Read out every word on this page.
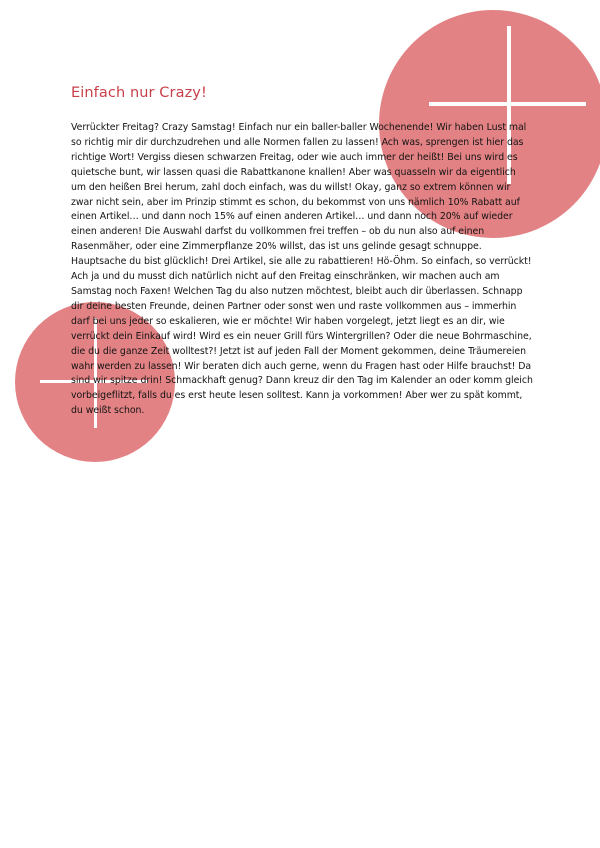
Einfach nur Crazy!

Verrückter Freitag? Crazy Samstag! Einfach nur ein baller-baller Wochenende! Wir haben Lust mal so richtig mir dir durchzudrehen und alle Normen fallen zu lassen! Ach was, sprengen ist hier das richtige Wort! Vergiss diesen schwarzen Freitag, oder wie auch immer der heißt! Bei uns wird es quietsche bunt, wir lassen quasi die Rabattkanone knallen! Aber was quasseln wir da eigentlich um den heißen Brei herum, zahl doch einfach, was du willst! Okay, ganz so extrem können wir zwar nicht sein, aber im Prinzip stimmt es schon, du bekommst von uns nämlich 10% Rabatt auf einen Artikel… und dann noch 15% auf einen anderen Artikel… und dann noch 20% auf wieder einen anderen! Die Auswahl darfst du vollkommen frei treffen – ob du nun also auf einen Rasenmäher, oder eine Zimmerpflanze 20% willst, das ist uns gelinde gesagt schnuppe. Hauptsache du bist glücklich! Drei Artikel, sie alle zu rabattieren! Hö-Öhm. So einfach, so verrückt! Ach ja und du musst dich natürlich nicht auf den Freitag einschränken, wir machen auch am Samstag noch Faxen! Welchen Tag du also nutzen möchtest, bleibt auch dir überlassen. Schnapp dir deine besten Freunde, deinen Partner oder sonst wen und raste vollkommen aus – immerhin darf bei uns jeder so eskalieren, wie er möchte! Wir haben vorgelegt, jetzt liegt es an dir, wie verrückt dein Einkauf wird! Wird es ein neuer Grill fürs Wintergrillen? Oder die neue Bohrmaschine, die du die ganze Zeit wolltest?! Jetzt ist auf jeden Fall der Moment gekommen, deine Träumereien wahr werden zu lassen! Wir beraten dich auch gerne, wenn du Fragen hast oder Hilfe brauchst! Da sind wir spitze drin! Schmackhaft genug? Dann kreuz dir den Tag im Kalender an oder komm gleich vorbeigeflitzt, falls du es erst heute lesen solltest. Kann ja vorkommen! Aber wer zu spät kommt, du weißt schon.
